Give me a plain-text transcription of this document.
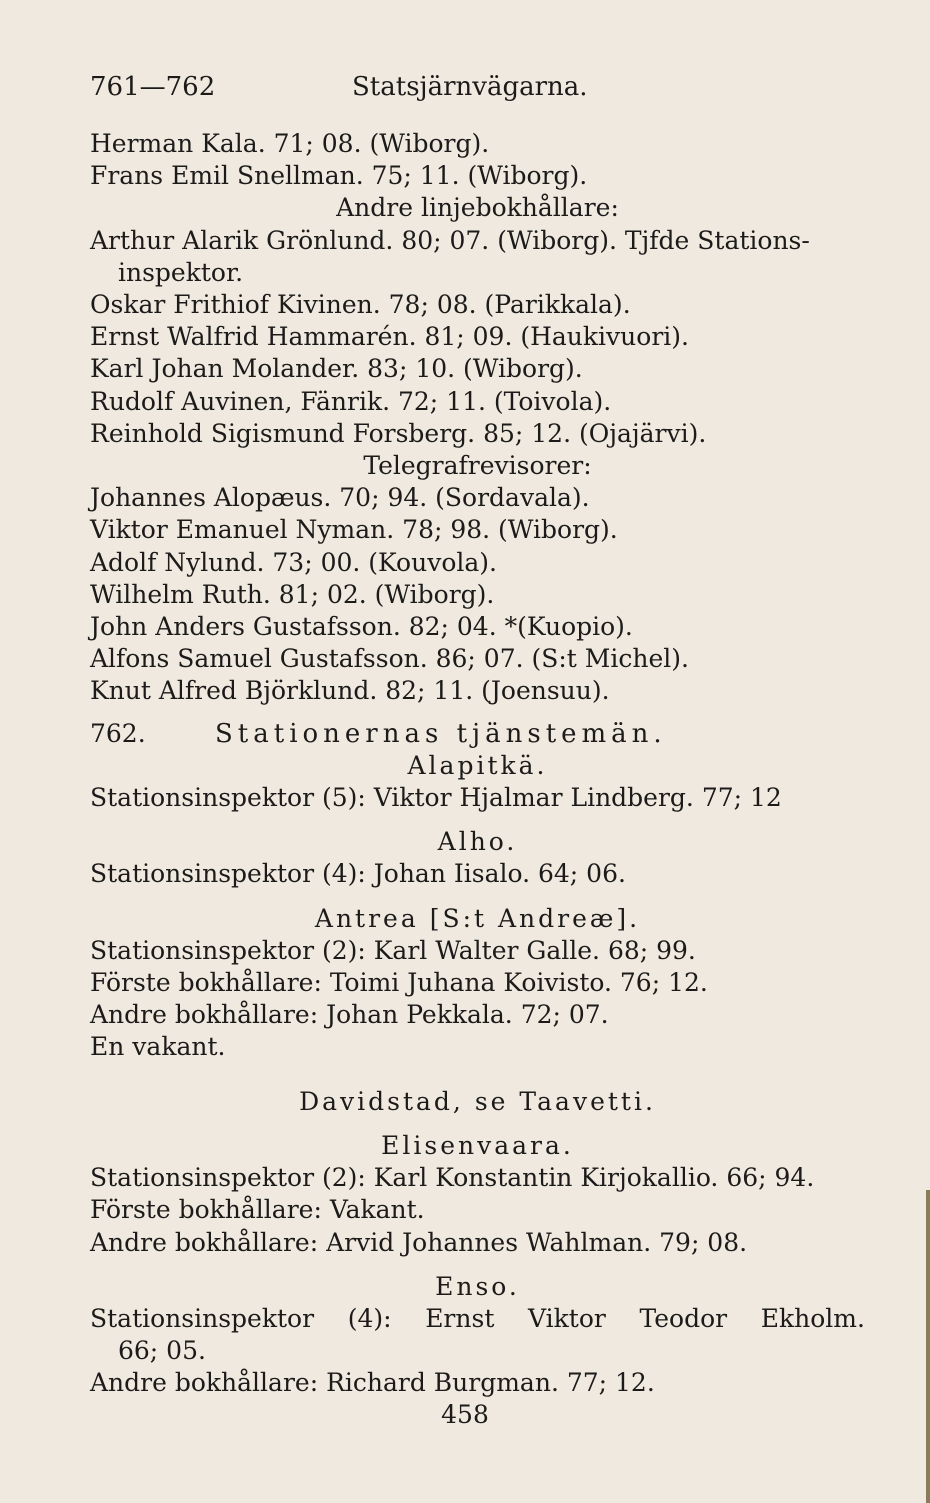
761—762	Statsjärnvägarna.
Herman Kala. 71; 08. (Wiborg).
Frans Emil Snellman. 75; 11. (Wiborg).
Andre linjebokhållare:
Arthur Alarik Grönlund. 80; 07. (Wiborg). Tjfde Stations-
inspektor.
Oskar Frithiof Kivinen. 78; 08. (Parikkala).
Ernst Walfrid Hammarén. 81; 09. (Haukivuori).
Karl Johan Molander. 83; 10. (Wiborg).
Rudolf Auvinen, Fänrik. 72; 11. (Toivola).
Reinhold Sigismund Forsberg. 85; 12. (Ojajärvi).
Telegrafrevisorer:
Johannes Alopæus. 70; 94. (Sordavala).
Viktor Emanuel Nyman. 78; 98. (Wiborg).
Adolf Nylund. 73; 00. (Kouvola).
Wilhelm Ruth. 81; 02. (Wiborg).
John Anders Gustafsson. 82; 04. *(Kuopio).
Alfons Samuel Gustafsson. 86; 07. (S:t Michel).
Knut Alfred Björklund. 82; 11. (Joensuu).
762.	Stationernas tjänstemän.
Alapitkä.
Stationsinspektor (5): Viktor Hjalmar Lindberg. 77; 12
Alho.
Stationsinspektor (4): Johan Iisalo. 64; 06.
Antrea [S:t Andreæ].
Stationsinspektor (2): Karl Walter Galle. 68; 99.
Förste bokhållare: Toimi Juhana Koivisto. 76; 12.
Andre bokhållare: Johan Pekkala. 72; 07.
En vakant.
Davidstad, se Taavetti.
Elisenvaara.
Stationsinspektor (2): Karl Konstantin Kirjokallio. 66; 94.
Förste bokhållare: Vakant.
Andre bokhållare: Arvid Johannes Wahlman. 79; 08.
Enso.
Stationsinspektor (4): Ernst Viktor Teodor Ekholm.
66; 05.
Andre bokhållare: Richard Burgman. 77; 12.
458
